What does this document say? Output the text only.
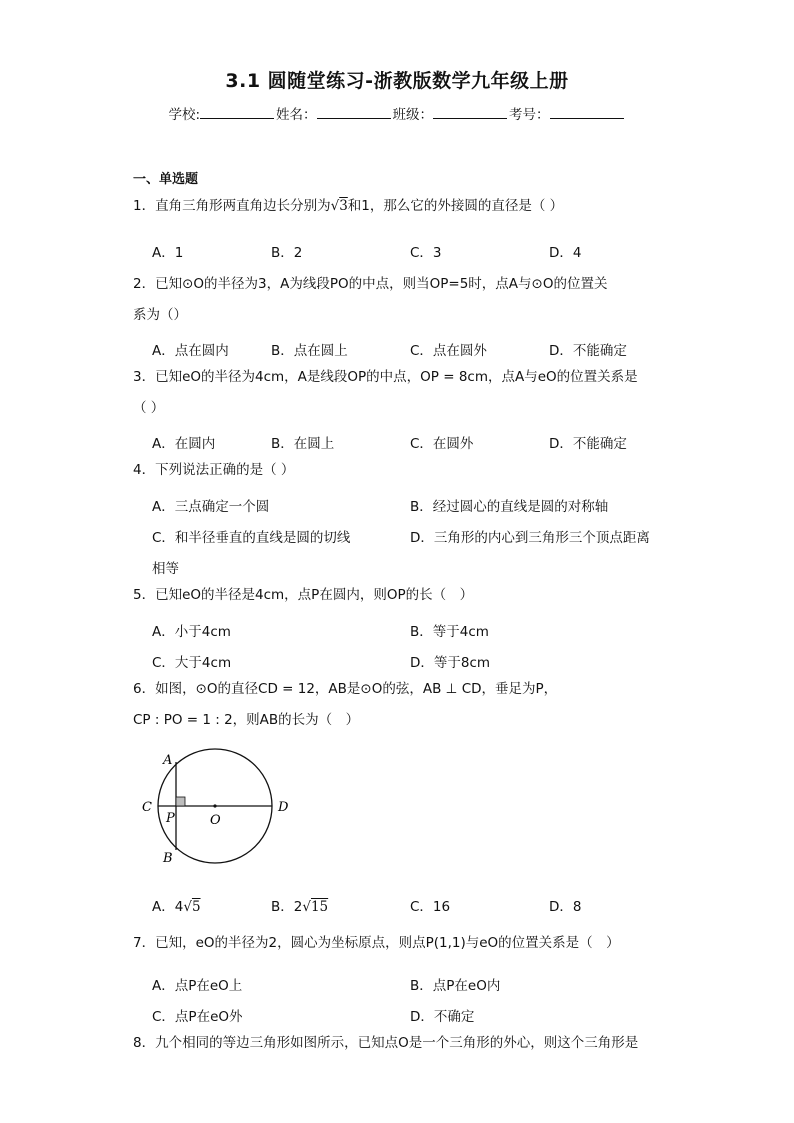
3.1 圆随堂练习-浙教版数学九年级上册
学校:	姓名：	班级：	考号：
一、单选题
1．直角三角形两直角边长分别为√3和1，那么它的外接圆的直径是（ ）
A．1	B．2	C．3	D．4
2．已知⊙O的半径为3，A为线段PO的中点，则当OP=5时，点A与⊙O的位置关
系为（）
A．点在圆内	B．点在圆上	C．点在圆外	D．不能确定
3．已知eO的半径为4cm，A是线段OP的中点，OP = 8cm，点A与eO的位置关系是
（ ）
A．在圆内	B．在圆上	C．在圆外	D．不能确定
4．下列说法正确的是（ ）
A．三点确定一个圆	B．经过圆心的直线是圆的对称轴
C．和半径垂直的直线是圆的切线	D．三角形的内心到三角形三个顶点距离
相等
5．已知eO的半径是4cm，点P在圆内，则OP的长（　）
A．小于4cm	B．等于4cm
C．大于4cm	D．等于8cm
6．如图，⊙O的直径CD = 12，AB是⊙O的弦，AB ⊥ CD，垂足为P，
CP : PO = 1 : 2，则AB的长为（　）
A
B
C	D
O
P
A．4√5	B．2√15	C．16	D．8
7．已知，eO的半径为2，圆心为坐标原点，则点P(1,1)与eO的位置关系是（　）
A．点P在eO上	B．点P在eO内
C．点P在eO外	D．不确定
8．九个相同的等边三角形如图所示，已知点O是一个三角形的外心，则这个三角形是
